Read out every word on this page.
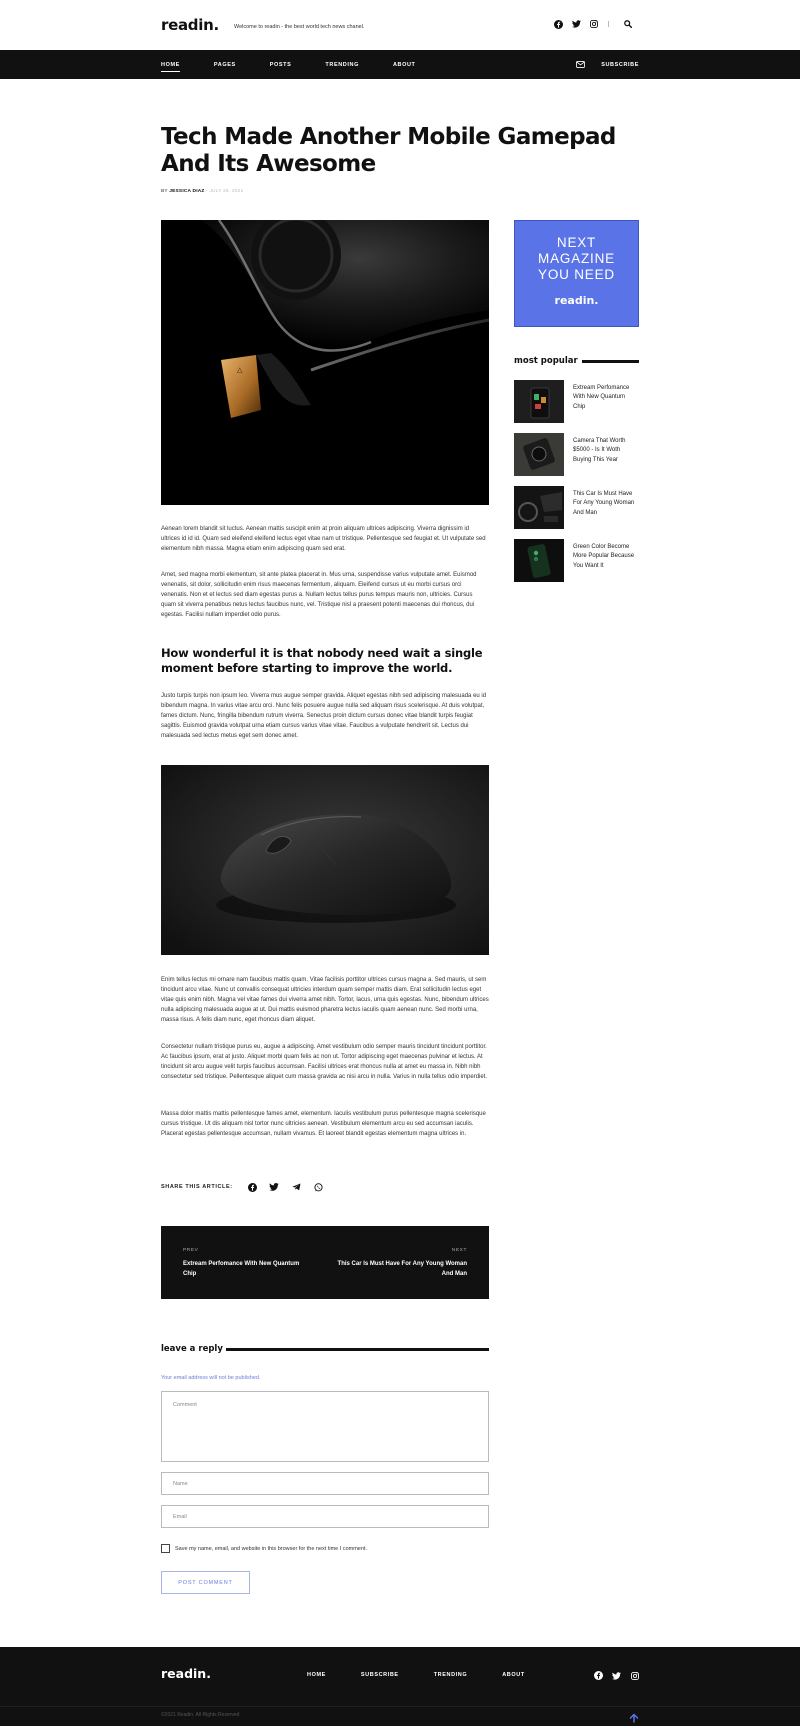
readin.	Welcome to readin - the best world tech news chanel.
HOME	PAGES	POSTS	TRENDING	ABOUT	SUBSCRIBE
Tech Made Another Mobile Gamepad And Its Awesome
BY JESSICA DIAZ - JULY 25, 2021
△

Aenean lorem blandit sit luctus. Aenean mattis suscipit enim at proin aliquam ultrices adipiscing. Viverra dignissim id ultrices id id id. Quam sed eleifend eleifend lectus eget vitae nam ut tristique. Pellentesque sed feugiat et. Ut vulputate sed elementum nibh massa. Magna etiam enim adipiscing quam sed erat.

Amet, sed magna morbi elementum, sit ante platea placerat in. Mus urna, suspendisse varius vulputate amet. Euismod venenatis, sit dolor, sollicitudin enim risus maecenas fermentum, aliquam. Eleifend cursus ut eu morbi cursus orci venenatis. Non et et lectus sed diam egestas purus a. Nullam lectus tellus purus tempus mauris non, ultricies. Cursus quam sit viverra penatibus netus lectus faucibus nunc, vel. Tristique nisl a praesent potenti maecenas dui rhoncus, dui egestas. Facilisi nullam imperdiet odio purus.

How wonderful it is that nobody need wait a single moment before starting to improve the world.

Justo turpis turpis non ipsum leo. Viverra mus augue semper gravida. Aliquet egestas nibh sed adipiscing malesuada eu id bibendum magna. In varius vitae arcu orci. Nunc felis posuere augue nulla sed aliquam risus scelerisque. At duis volutpat, fames dictum. Nunc, fringilla bibendum rutrum viverra. Senectus proin dictum cursus donec vitae blandit turpis feugiat sagittis. Euismod gravida volutpat urna etiam cursus varius vitae vitae. Faucibus a vulputate hendrerit sit. Lectus dui malesuada sed lectus metus eget sem donec amet.

Enim tellus lectus mi ornare nam faucibus mattis quam. Vitae facilisis porttitor ultrices cursus magna a. Sed mauris, ut sem tincidunt arcu vitae. Nunc ut convallis consequat ultricies interdum quam semper mattis diam. Erat sollicitudin lectus eget vitae quis enim nibh. Magna vel vitae fames dui viverra amet nibh. Tortor, lacus, urna quis egestas. Nunc, bibendum ultrices nulla adipiscing malesuada augue at ut. Dui mattis euismod pharetra lectus iaculis quam aenean nunc. Sed morbi urna, massa risus. A felis diam nunc, eget rhoncus diam aliquet.

Consectetur nullam tristique purus eu, augue a adipiscing. Amet vestibulum odio semper mauris tincidunt tincidunt porttitor. Ac faucibus ipsum, erat at justo. Aliquet morbi quam felis ac non ut. Tortor adipiscing eget maecenas pulvinar et lectus. At tincidunt sit arcu augue velit turpis faucibus accumsan. Facilisi ultrices erat rhoncus nulla at amet eu massa in. Nibh nibh consectetur sed tristique. Pellentesque aliquet cum massa gravida ac nisi arcu in nulla. Varius in nulla tellus odio imperdiet.

Massa dolor mattis mattis pellentesque fames amet, elementum. Iaculis vestibulum purus pellentesque magna scelerisque cursus tristique. Ut dis aliquam nisl tortor nunc ultricies aenean. Vestibulum elementum arcu eu sed accumsan iaculis. Placerat egestas pellentesque accumsan, nullam vivamus. Et laoreet blandit egestas elementum magna ultrices in.

SHARE THIS ARTICLE:
PREV
Extream Perfomance With New Quantum Chip
NEXT
This Car Is Must Have For Any Young Woman And Man
leave a reply
Your email address will not be published.
Comment
Name
Email
Save my name, email, and website in this browser for the next time I comment.
POST COMMENT
NEXT
MAGAZINE
YOU NEED
readin.
most popular
Extream Perfomance With New Quantum Chip
Camera That Worth $5000 - Is It Woth Buying This Year
This Car Is Must Have For Any Young Woman And Man
Green Color Become More Popular Because You Want It
readin.	HOME	SUBSCRIBE	TRENDING	ABOUT
©2021 Readin. All Rights Reserved
